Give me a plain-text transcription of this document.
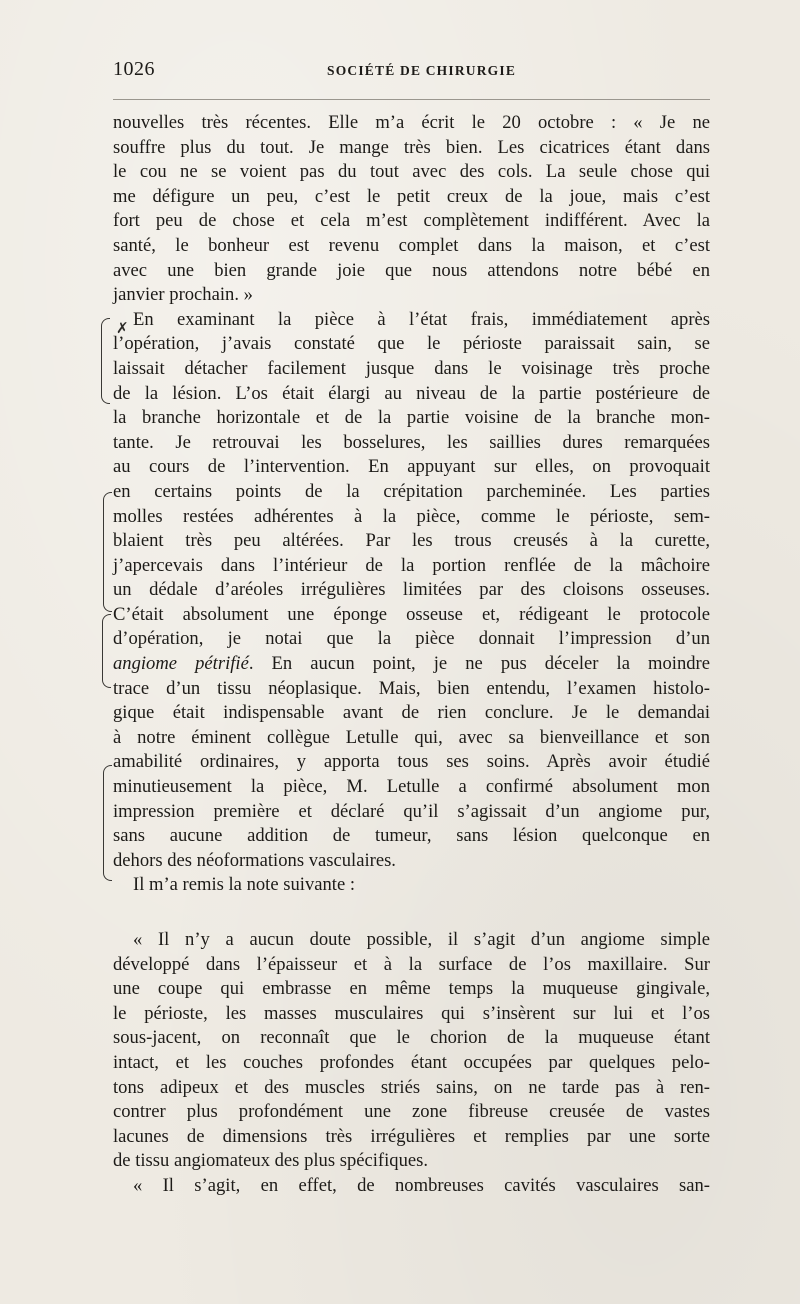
1026	SOCIÉTÉ DE CHIRURGIE
✗
nouvelles très récentes. Elle m’a écrit le 20 octobre : « Je ne
souffre plus du tout. Je mange très bien. Les cicatrices étant dans
le cou ne se voient pas du tout avec des cols. La seule chose qui
me défigure un peu, c’est le petit creux de la joue, mais c’est
fort peu de chose et cela m’est complètement indifférent. Avec la
santé, le bonheur est revenu complet dans la maison, et c’est
avec une bien grande joie que nous attendons notre bébé en
janvier prochain. »
En examinant la pièce à l’état frais, immédiatement après
l’opération, j’avais constaté que le périoste paraissait sain, se
laissait détacher facilement jusque dans le voisinage très proche
de la lésion. L’os était élargi au niveau de la partie postérieure de
la branche horizontale et de la partie voisine de la branche mon-
tante. Je retrouvai les bosselures, les saillies dures remarquées
au cours de l’intervention. En appuyant sur elles, on provoquait
en certains points de la crépitation parcheminée. Les parties
molles restées adhérentes à la pièce, comme le périoste, sem-
blaient très peu altérées. Par les trous creusés à la curette,
j’apercevais dans l’intérieur de la portion renflée de la mâchoire
un dédale d’aréoles irrégulières limitées par des cloisons osseuses.
C’était absolument une éponge osseuse et, rédigeant le protocole
d’opération, je notai que la pièce donnait l’impression d’un
angiome pétrifié. En aucun point, je ne pus déceler la moindre
trace d’un tissu néoplasique. Mais, bien entendu, l’examen histolo-
gique était indispensable avant de rien conclure. Je le demandai
à notre éminent collègue Letulle qui, avec sa bienveillance et son
amabilité ordinaires, y apporta tous ses soins. Après avoir étudié
minutieusement la pièce, M. Letulle a confirmé absolument mon
impression première et déclaré qu’il s’agissait d’un angiome pur,
sans aucune addition de tumeur, sans lésion quelconque en
dehors des néoformations vasculaires.
Il m’a remis la note suivante :
« Il n’y a aucun doute possible, il s’agit d’un angiome simple
développé dans l’épaisseur et à la surface de l’os maxillaire. Sur
une coupe qui embrasse en même temps la muqueuse gingivale,
le périoste, les masses musculaires qui s’insèrent sur lui et l’os
sous-jacent, on reconnaît que le chorion de la muqueuse étant
intact, et les couches profondes étant occupées par quelques pelo-
tons adipeux et des muscles striés sains, on ne tarde pas à ren-
contrer plus profondément une zone fibreuse creusée de vastes
lacunes de dimensions très irrégulières et remplies par une sorte
de tissu angiomateux des plus spécifiques.
« Il s’agit, en effet, de nombreuses cavités vasculaires san-
